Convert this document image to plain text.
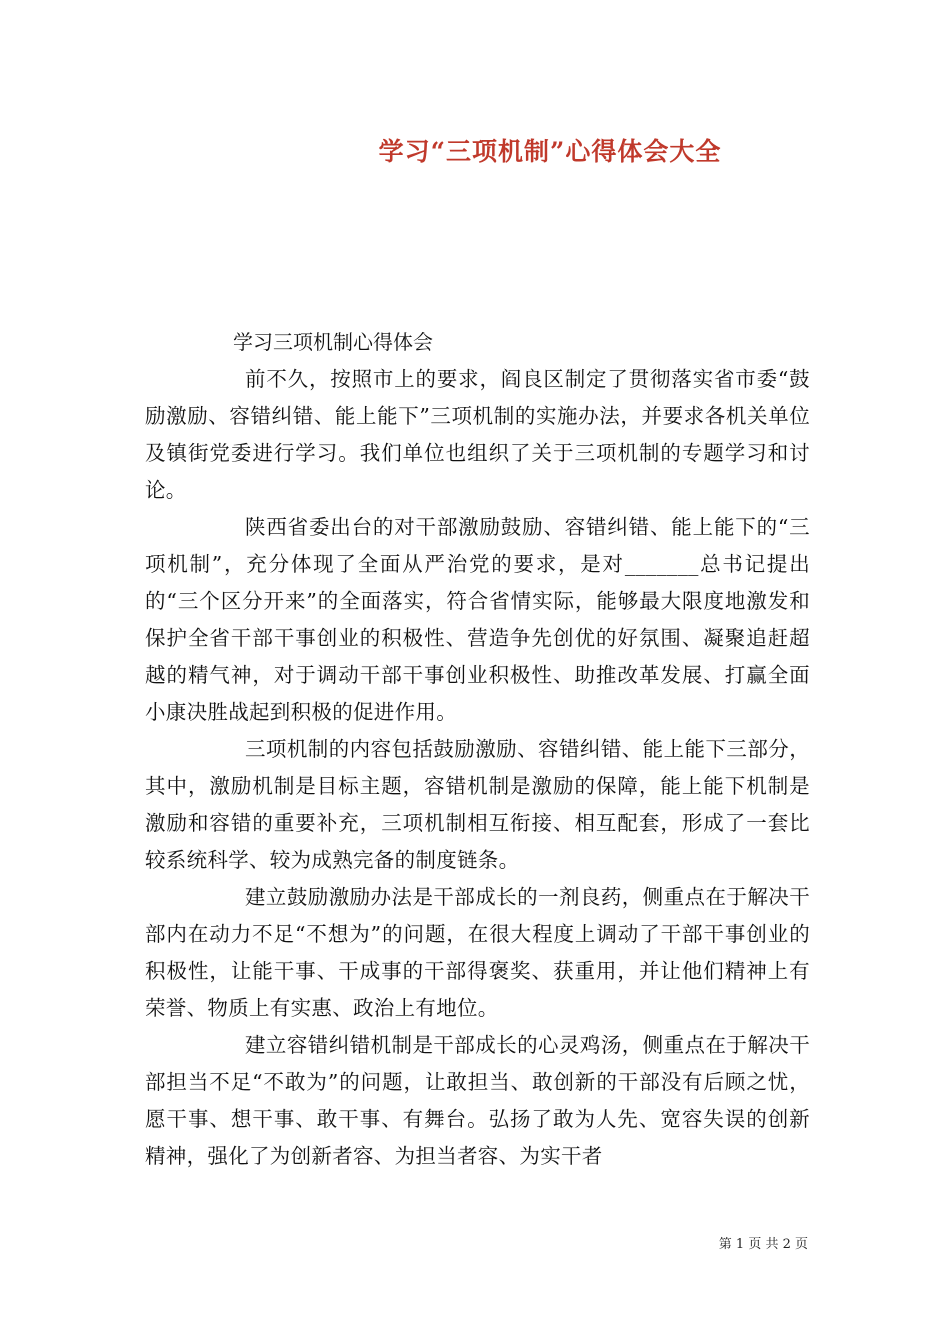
学习“三项机制”心得体会大全

学习三项机制心得体会

前不久，按照市上的要求，阎良区制定了贯彻落实省市委“鼓励激励、容错纠错、能上能下”三项机制的实施办法，并要求各机关单位及镇街党委进行学习。我们单位也组织了关于三项机制的专题学习和讨论。

陕西省委出台的对干部激励鼓励、容错纠错、能上能下的“三项机制”，充分体现了全面从严治党的要求，是对_______总书记提出的“三个区分开来”的全面落实，符合省情实际，能够最大限度地激发和保护全省干部干事创业的积极性、营造争先创优的好氛围、凝聚追赶超越的精气神，对于调动干部干事创业积极性、助推改革发展、打赢全面小康决胜战起到积极的促进作用。

三项机制的内容包括鼓励激励、容错纠错、能上能下三部分，其中，激励机制是目标主题，容错机制是激励的保障，能上能下机制是激励和容错的重要补充，三项机制相互衔接、相互配套，形成了一套比较系统科学、较为成熟完备的制度链条。

建立鼓励激励办法是干部成长的一剂良药，侧重点在于解决干部内在动力不足“不想为”的问题，在很大程度上调动了干部干事创业的积极性，让能干事、干成事的干部得褒奖、获重用，并让他们精神上有荣誉、物质上有实惠、政治上有地位。

建立容错纠错机制是干部成长的心灵鸡汤，侧重点在于解决干部担当不足“不敢为”的问题，让敢担当、敢创新的干部没有后顾之忧，愿干事、想干事、敢干事、有舞台。弘扬了敢为人先、宽容失误的创新精神，强化了为创新者容、为担当者容、为实干者

第 1 页 共 2 页
